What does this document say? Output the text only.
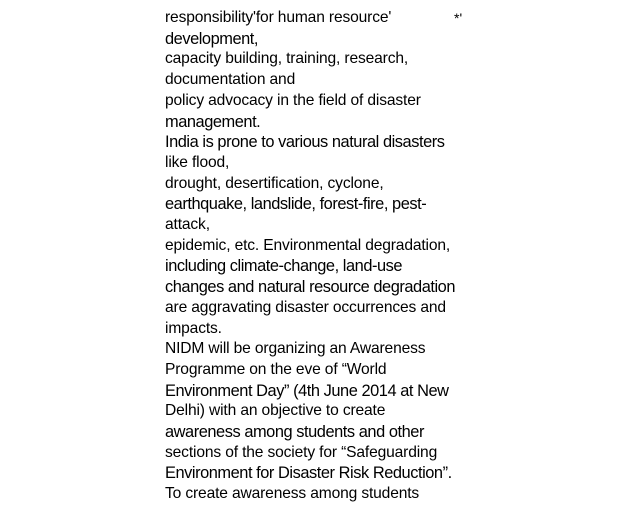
*'
responsibility'for human resource'
development,
capacity building, training, research,
documentation and
policy advocacy in the field of disaster
management.
India is prone to various natural disasters
like flood,
drought, desertification, cyclone,
earthquake, landslide, forest-fire, pest-
attack,
epidemic, etc. Environmental degradation,
including climate-change, land-use
changes and natural resource degradation
are aggravating disaster occurrences and
impacts.
NIDM will be organizing an Awareness
Programme on the eve of “World
Environment Day” (4th June 2014 at New
Delhi) with an objective to create
awareness among students and other
sections of the society for “Safeguarding
Environment for Disaster Risk Reduction”.
To create awareness among students
